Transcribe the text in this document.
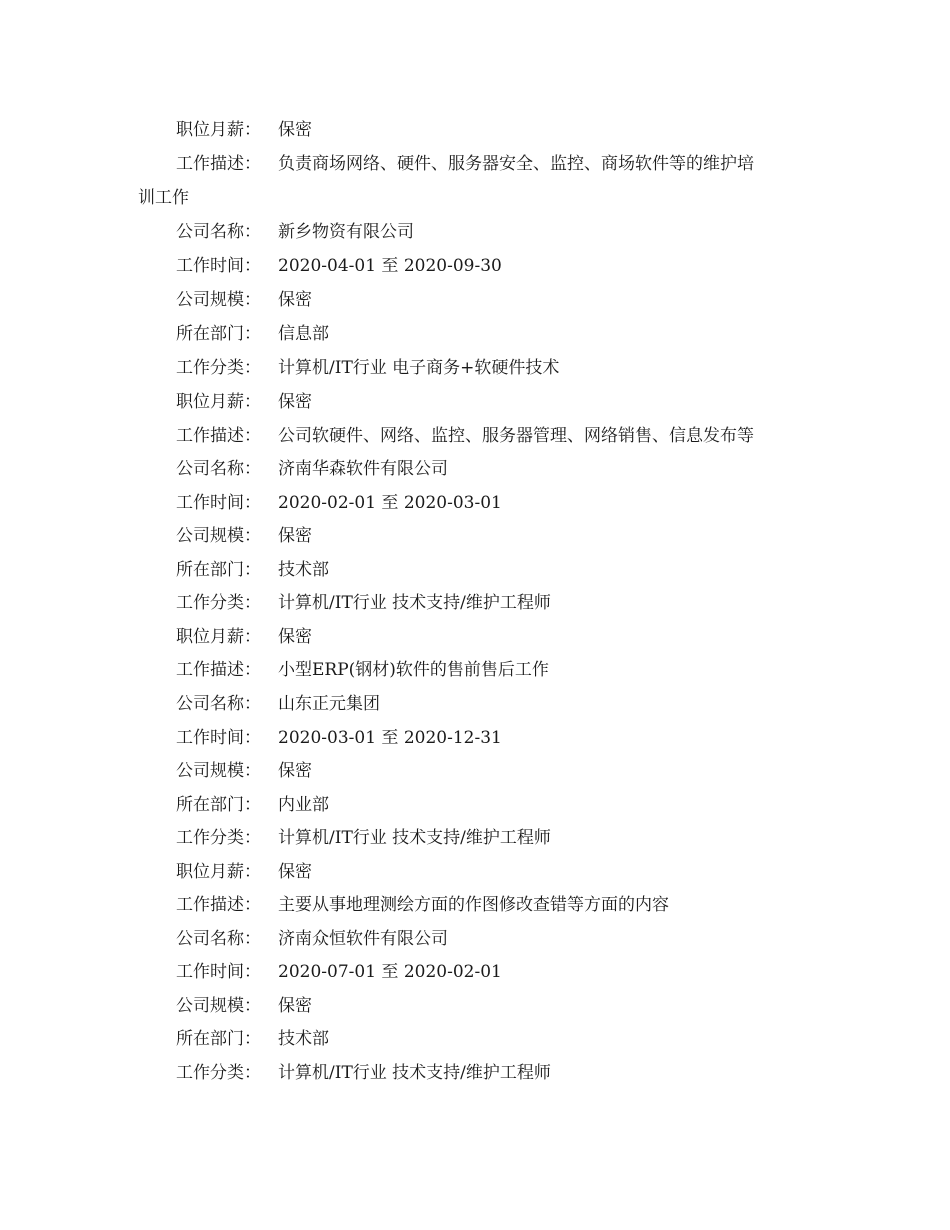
职位月薪： 保密
工作描述： 负责商场网络、硬件、服务器安全、监控、商场软件等的维护培
训工作
公司名称： 新乡物资有限公司
工作时间： 2020-04-01 至 2020-09-30
公司规模： 保密
所在部门： 信息部
工作分类： 计算机/IT行业 电子商务+软硬件技术
职位月薪： 保密
工作描述： 公司软硬件、网络、监控、服务器管理、网络销售、信息发布等
公司名称： 济南华森软件有限公司
工作时间： 2020-02-01 至 2020-03-01
公司规模： 保密
所在部门： 技术部
工作分类： 计算机/IT行业 技术支持/维护工程师
职位月薪： 保密
工作描述： 小型ERP(钢材)软件的售前售后工作
公司名称： 山东正元集团
工作时间： 2020-03-01 至 2020-12-31
公司规模： 保密
所在部门： 内业部
工作分类： 计算机/IT行业 技术支持/维护工程师
职位月薪： 保密
工作描述： 主要从事地理测绘方面的作图修改查错等方面的内容
公司名称： 济南众恒软件有限公司
工作时间： 2020-07-01 至 2020-02-01
公司规模： 保密
所在部门： 技术部
工作分类： 计算机/IT行业 技术支持/维护工程师
